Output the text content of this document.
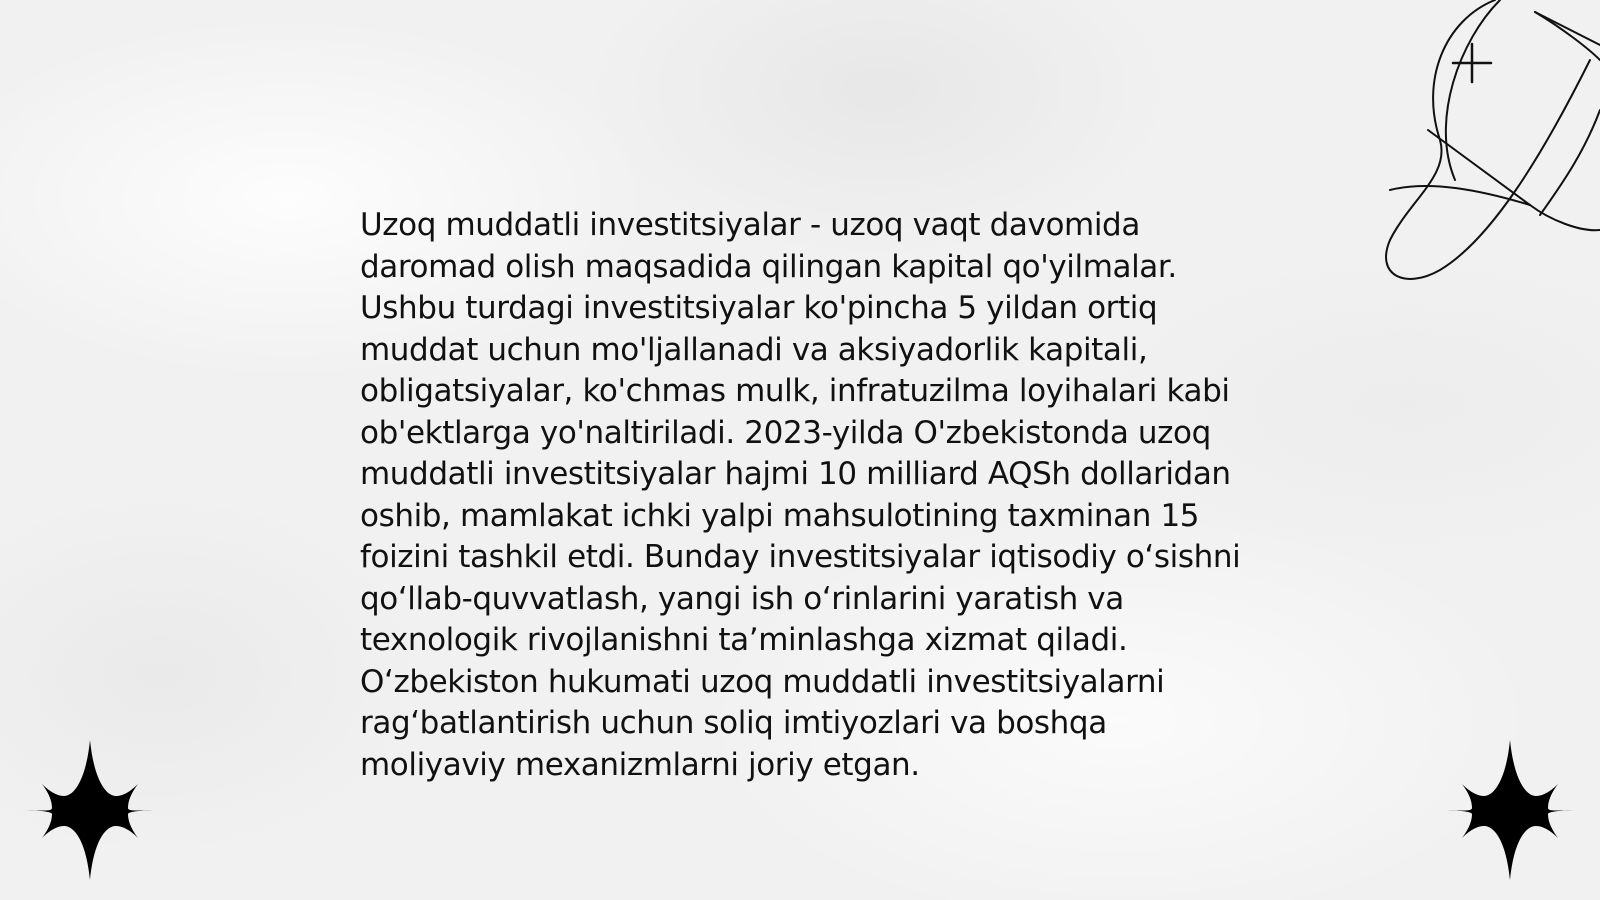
Uzoq muddatli investitsiyalar - uzoq vaqt davomida daromad olish maqsadida qilingan kapital qo'yilmalar. Ushbu turdagi investitsiyalar ko'pincha 5 yildan ortiq muddat uchun mo'ljallanadi va aksiyadorlik kapitali, obligatsiyalar, ko'chmas mulk, infratuzilma loyihalari kabi ob'ektlarga yo'naltiriladi. 2023-yilda O'zbekistonda uzoq muddatli investitsiyalar hajmi 10 milliard AQSh dollaridan oshib, mamlakat ichki yalpi mahsulotining taxminan 15 foizini tashkil etdi. Bunday investitsiyalar iqtisodiy o‘sishni qo‘llab-quvvatlash, yangi ish o‘rinlarini yaratish va texnologik rivojlanishni ta’minlashga xizmat qiladi. O‘zbekiston hukumati uzoq muddatli investitsiyalarni rag‘batlantirish uchun soliq imtiyozlari va boshqa moliyaviy mexanizmlarni joriy etgan.
